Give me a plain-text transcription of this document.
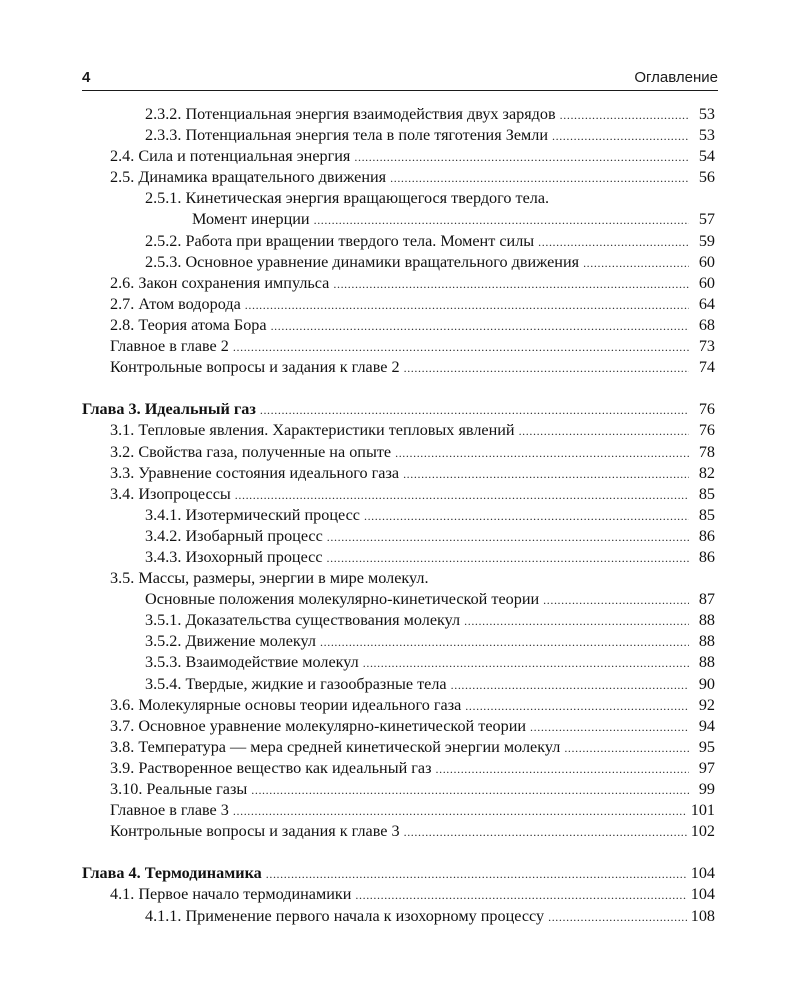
4	Оглавление
2.3.2. Потенциальная энергия взаимодействия двух зарядов . . .	53
2.3.3. Потенциальная энергия тела в поле тяготения Земли . . .	53
2.4. Сила и потенциальная энергия . . .	54
2.5. Динамика вращательного движения . . .	56
2.5.1. Кинетическая энергия вращающегося твердого тела.
Момент инерции . . .	57
2.5.2. Работа при вращении твердого тела. Момент силы . . .	59
2.5.3. Основное уравнение динамики вращательного движения . . .	60
2.6. Закон сохранения импульса . . .	60
2.7. Атом водорода . . .	64
2.8. Теория атома Бора . . .	68
Главное в главе 2 . . .	73
Контрольные вопросы и задания к главе 2 . . .	74
Глава 3. Идеальный газ . . .	76
3.1. Тепловые явления. Характеристики тепловых явлений . . .	76
3.2. Свойства газа, полученные на опыте . . .	78
3.3. Уравнение состояния идеального газа . . .	82
3.4. Изопроцессы . . .	85
3.4.1. Изотермический процесс . . .	85
3.4.2. Изобарный процесс . . .	86
3.4.3. Изохорный процесс . . .	86
3.5. Массы, размеры, энергии в мире молекул.
Основные положения молекулярно-кинетической теории . . .	87
3.5.1. Доказательства существования молекул . . .	88
3.5.2. Движение молекул . . .	88
3.5.3. Взаимодействие молекул . . .	88
3.5.4. Твердые, жидкие и газообразные тела . . .	90
3.6. Молекулярные основы теории идеального газа . . .	92
3.7. Основное уравнение молекулярно-кинетической теории . . .	94
3.8. Температура — мера средней кинетической энергии молекул . . .	95
3.9. Растворенное вещество как идеальный газ . . .	97
3.10. Реальные газы . . .	99
Главное в главе 3 . . .	101
Контрольные вопросы и задания к главе 3 . . .	102
Глава 4. Термодинамика . . .	104
4.1. Первое начало термодинамики . . .	104
4.1.1. Применение первого начала к изохорному процессу . . .	108
